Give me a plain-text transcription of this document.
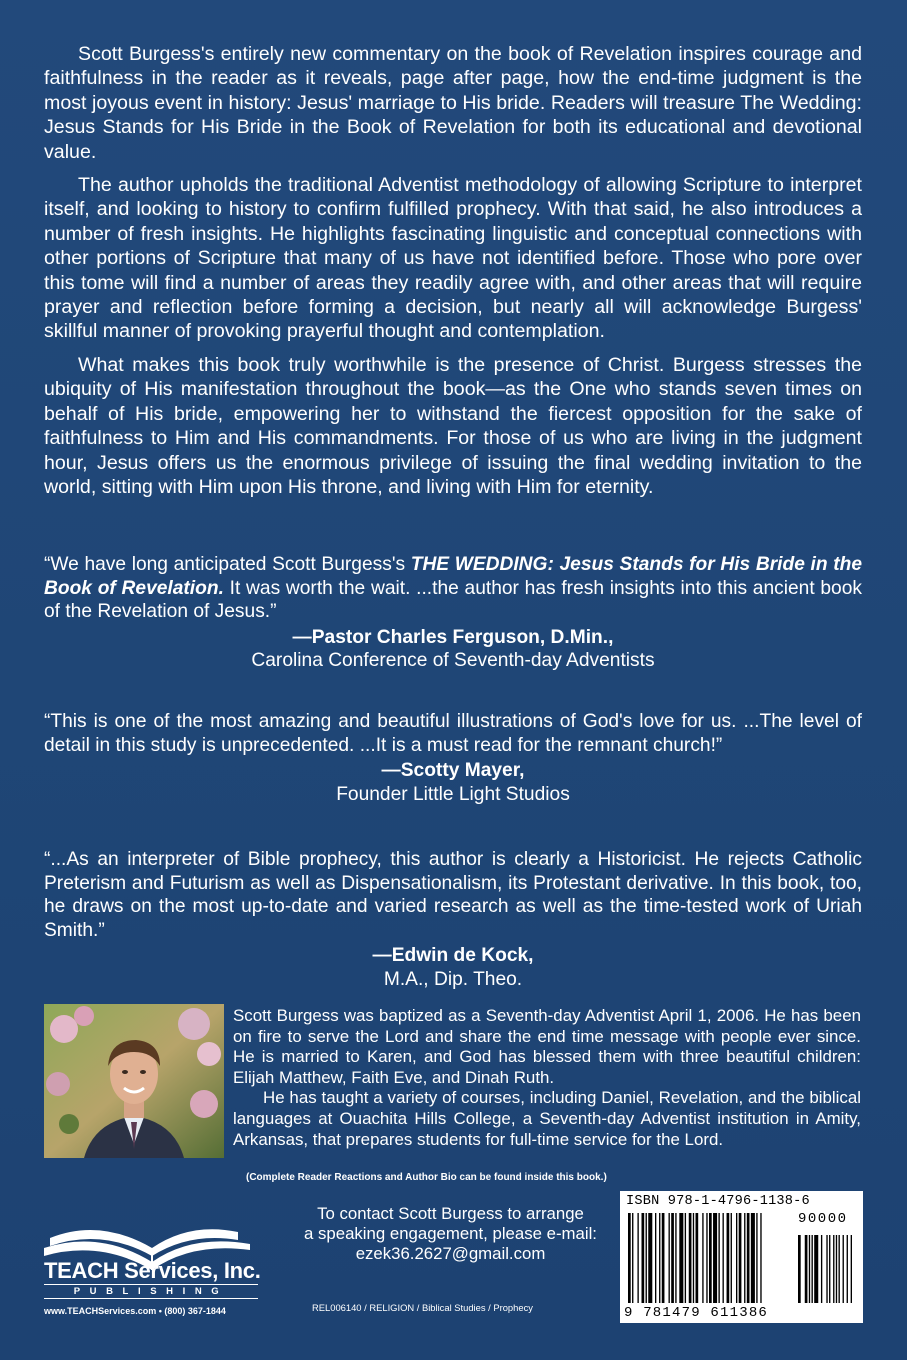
Scott Burgess's entirely new commentary on the book of Revelation inspires courage and faithfulness in the reader as it reveals, page after page, how the end-time judgment is the most joyous event in history: Jesus' marriage to His bride. Readers will treasure The Wedding: Jesus Stands for His Bride in the Book of Revelation for both its educational and devotional value.

The author upholds the traditional Adventist methodology of allowing Scripture to interpret itself, and looking to history to confirm fulfilled prophecy. With that said, he also introduces a number of fresh insights. He highlights fascinating linguistic and conceptual connections with other portions of Scripture that many of us have not identified before. Those who pore over this tome will find a number of areas they readily agree with, and other areas that will require prayer and reflection before forming a decision, but nearly all will acknowledge Burgess' skillful manner of provoking prayerful thought and contemplation.

What makes this book truly worthwhile is the presence of Christ. Burgess stresses the ubiquity of His manifestation throughout the book—as the One who stands seven times on behalf of His bride, empowering her to withstand the fiercest opposition for the sake of faithfulness to Him and His commandments. For those of us who are living in the judgment hour, Jesus offers us the enormous privilege of issuing the final wedding invitation to the world, sitting with Him upon His throne, and living with Him for eternity.

“We have long anticipated Scott Burgess's THE WEDDING: Jesus Stands for His Bride in the Book of Revelation. It was worth the wait. ...the author has fresh insights into this ancient book of the Revelation of Jesus.”

—Pastor Charles Ferguson, D.Min.,

Carolina Conference of Seventh-day Adventists

“This is one of the most amazing and beautiful illustrations of God's love for us. ...The level of detail in this study is unprecedented. ...It is a must read for the remnant church!”

—Scotty Mayer,

Founder Little Light Studios

“...As an interpreter of Bible prophecy, this author is clearly a Historicist. He rejects Catholic Preterism and Futurism as well as Dispensationalism, its Protestant derivative. In this book, too, he draws on the most up-to-date and varied research as well as the time-tested work of Uriah Smith.”

—Edwin de Kock,

M.A., Dip. Theo.

Scott Burgess was baptized as a Seventh-day Adventist April 1, 2006. He has been on fire to serve the Lord and share the end time message with people ever since. He is married to Karen, and God has blessed them with three beautiful children: Elijah Matthew, Faith Eve, and Dinah Ruth.

He has taught a variety of courses, including Daniel, Revelation, and the biblical languages at Ouachita Hills College, a Seventh-day Adventist institution in Amity, Arkansas, that prepares students for full-time service for the Lord.

(Complete Reader Reactions and Author Bio can be found inside this book.)
TEACH Services, Inc.
PUBLISHING
www.TEACHServices.com • (800) 367-1844
To contact Scott Burgess to arrange
a speaking engagement, please e-mail:
ezek36.2627@gmail.com
REL006140 / RELIGION / Biblical Studies / Prophecy
ISBN 978-1-4796-1138-6
90000
9 781479 611386
